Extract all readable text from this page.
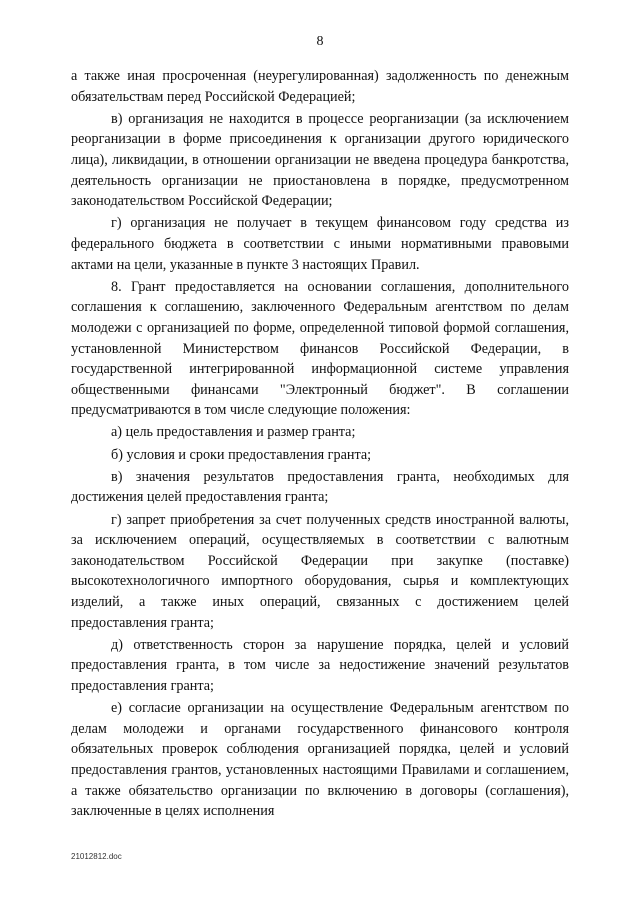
8

а также иная просроченная (неурегулированная) задолженность по денежным обязательствам перед Российской Федерацией;

в) организация не находится в процессе реорганизации (за исключением реорганизации в форме присоединения к организации другого юридического лица), ликвидации, в отношении организации не введена процедура банкротства, деятельность организации не приостановлена в порядке, предусмотренном законодательством Российской Федерации;

г) организация не получает в текущем финансовом году средства из федерального бюджета в соответствии с иными нормативными правовыми актами на цели, указанные в пункте 3 настоящих Правил.

8. Грант предоставляется на основании соглашения, дополнительного соглашения к соглашению, заключенного Федеральным агентством по делам молодежи с организацией по форме, определенной типовой формой соглашения, установленной Министерством финансов Российской Федерации, в государственной интегрированной информационной системе управления общественными финансами "Электронный бюджет". В соглашении предусматриваются в том числе следующие положения:

а) цель предоставления и размер гранта;

б) условия и сроки предоставления гранта;

в) значения результатов предоставления гранта, необходимых для достижения целей предоставления гранта;

г) запрет приобретения за счет полученных средств иностранной валюты, за исключением операций, осуществляемых в соответствии с валютным законодательством Российской Федерации при закупке (поставке) высокотехнологичного импортного оборудования, сырья и комплектующих изделий, а также иных операций, связанных с достижением целей предоставления гранта;

д) ответственность сторон за нарушение порядка, целей и условий предоставления гранта, в том числе за недостижение значений результатов предоставления гранта;

е) согласие организации на осуществление Федеральным агентством по делам молодежи и органами государственного финансового контроля обязательных проверок соблюдения организацией порядка, целей и условий предоставления грантов, установленных настоящими Правилами и соглашением, а также обязательство организации по включению в договоры (соглашения), заключенные в целях исполнения

21012812.doc
